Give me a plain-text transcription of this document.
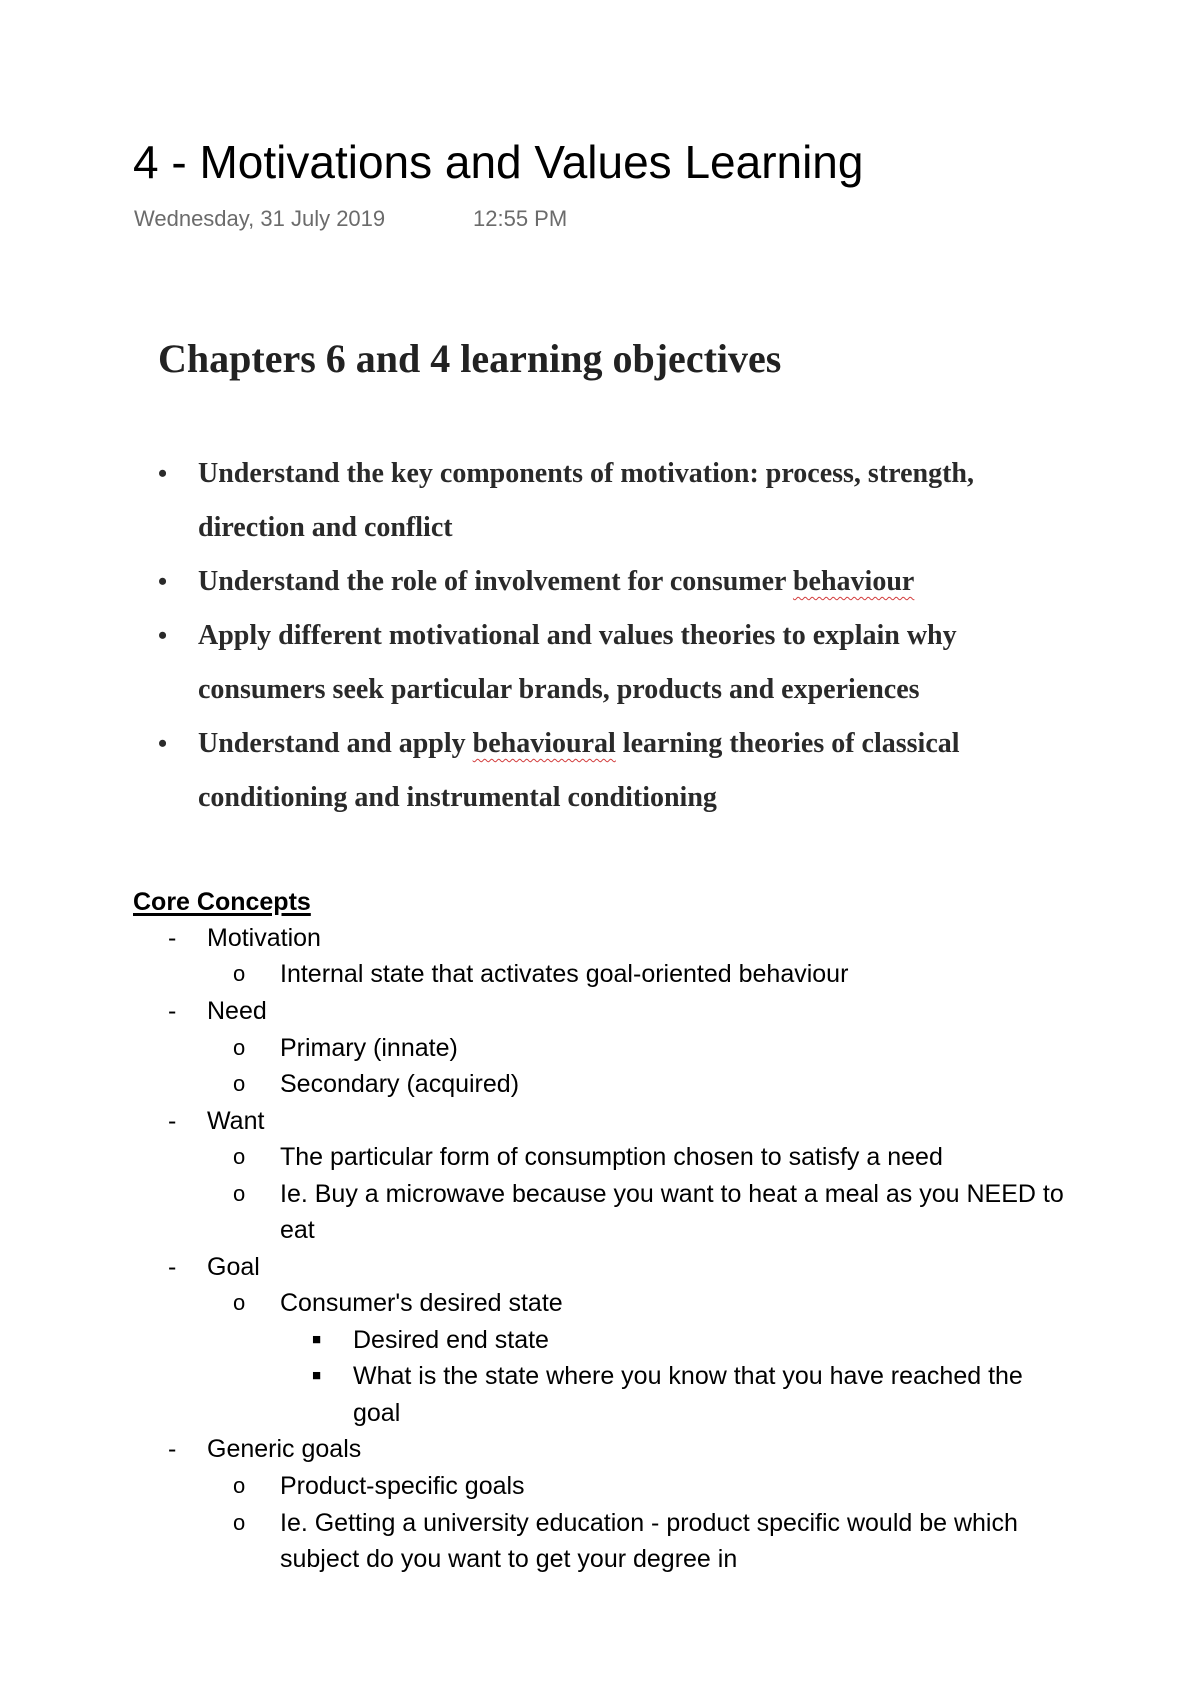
4 - Motivations and Values Learning
Wednesday, 31 July 2019	12:55 PM
Chapters 6 and 4 learning objectives
• Understand the key components of motivation: process, strength,
direction and conflict
• Understand the role of involvement for consumer behaviour
• Apply different motivational and values theories to explain why
consumers seek particular brands, products and experiences
• Understand and apply behavioural learning theories of classical
conditioning and instrumental conditioning
Core Concepts
- Motivation
o Internal state that activates goal-oriented behaviour
- Need
o Primary (innate)
o Secondary (acquired)
- Want
o The particular form of consumption chosen to satisfy a need
o Ie. Buy a microwave because you want to heat a meal as you NEED to
eat
- Goal
o Consumer's desired state
■ Desired end state
■ What is the state where you know that you have reached the
goal
- Generic goals
o Product-specific goals
o Ie. Getting a university education - product specific would be which
subject do you want to get your degree in
